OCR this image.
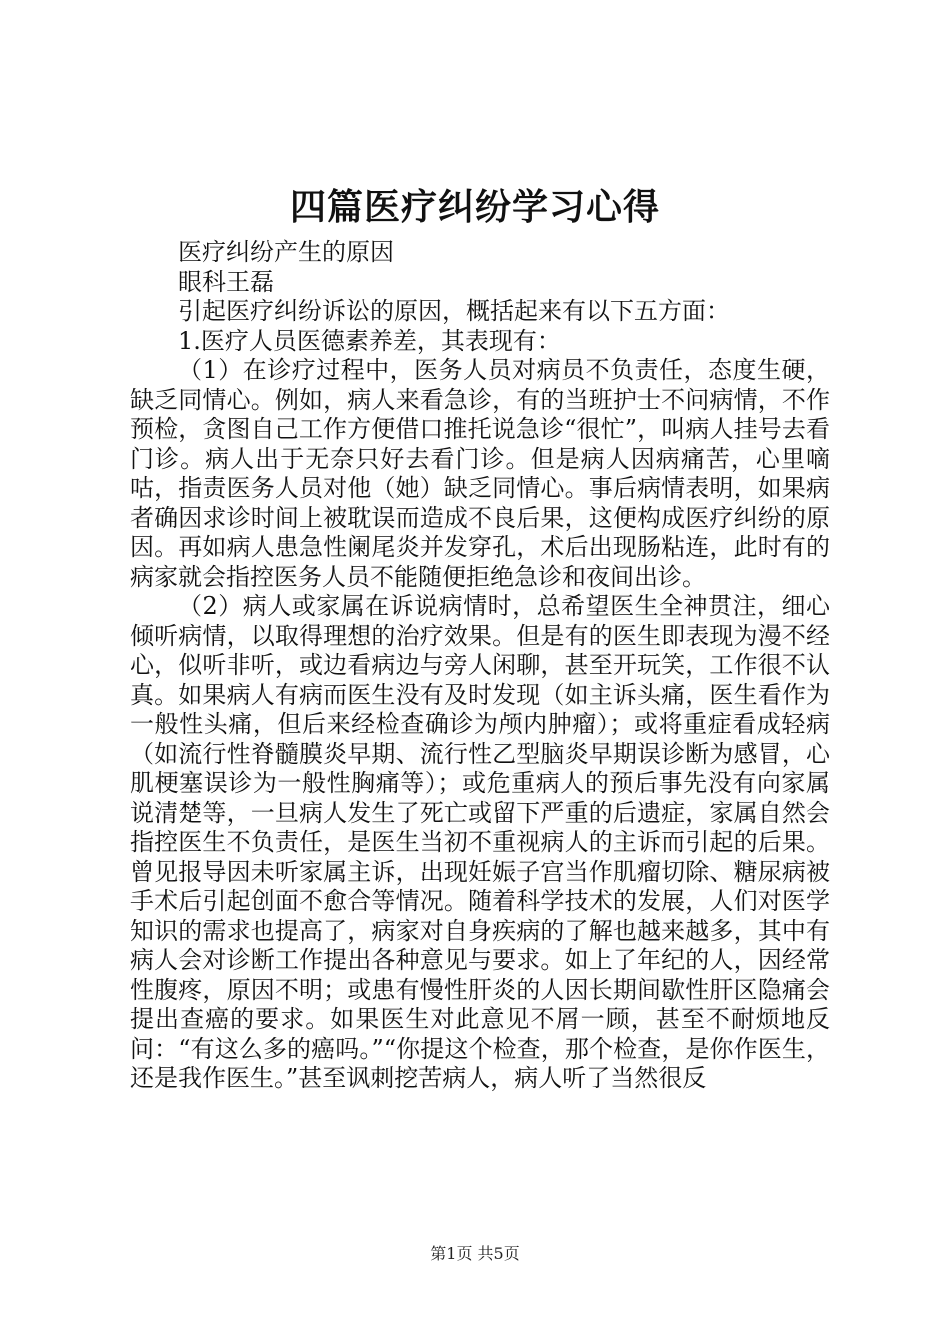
四篇医疗纠纷学习心得

医疗纠纷产生的原因

眼科王磊

引起医疗纠纷诉讼的原因，概括起来有以下五方面：

1.医疗人员医德素养差，其表现有：

（1）在诊疗过程中，医务人员对病员不负责任，态度生硬，缺乏同情心。例如，病人来看急诊，有的当班护士不问病情，不作预检，贪图自己工作方便借口推托说急诊“很忙”，叫病人挂号去看门诊。病人出于无奈只好去看门诊。但是病人因病痛苦，心里嘀咕，指责医务人员对他（她）缺乏同情心。事后病情表明，如果病者确因求诊时间上被耽误而造成不良后果，这便构成医疗纠纷的原因。再如病人患急性阑尾炎并发穿孔，术后出现肠粘连，此时有的病家就会指控医务人员不能随便拒绝急诊和夜间出诊。

（2）病人或家属在诉说病情时，总希望医生全神贯注，细心倾听病情，以取得理想的治疗效果。但是有的医生即表现为漫不经心，似听非听，或边看病边与旁人闲聊，甚至开玩笑，工作很不认真。如果病人有病而医生没有及时发现（如主诉头痛，医生看作为一般性头痛，但后来经检查确诊为颅内肿瘤）；或将重症看成轻病（如流行性脊髓膜炎早期、流行性乙型脑炎早期误诊断为感冒，心肌梗塞误诊为一般性胸痛等）；或危重病人的预后事先没有向家属说清楚等，一旦病人发生了死亡或留下严重的后遗症，家属自然会指控医生不负责任，是医生当初不重视病人的主诉而引起的后果。曾见报导因未听家属主诉，出现妊娠子宫当作肌瘤切除、糖尿病被手术后引起创面不愈合等情况。随着科学技术的发展，人们对医学知识的需求也提高了，病家对自身疾病的了解也越来越多，其中有病人会对诊断工作提出各种意见与要求。如上了年纪的人，因经常性腹疼，原因不明；或患有慢性肝炎的人因长期间歇性肝区隐痛会提出查癌的要求。如果医生对此意见不屑一顾，甚至不耐烦地反问：“有这么多的癌吗。”“你提这个检查，那个检查，是你作医生，还是我作医生。”甚至讽刺挖苦病人，病人听了当然很反

第1页 共5页
